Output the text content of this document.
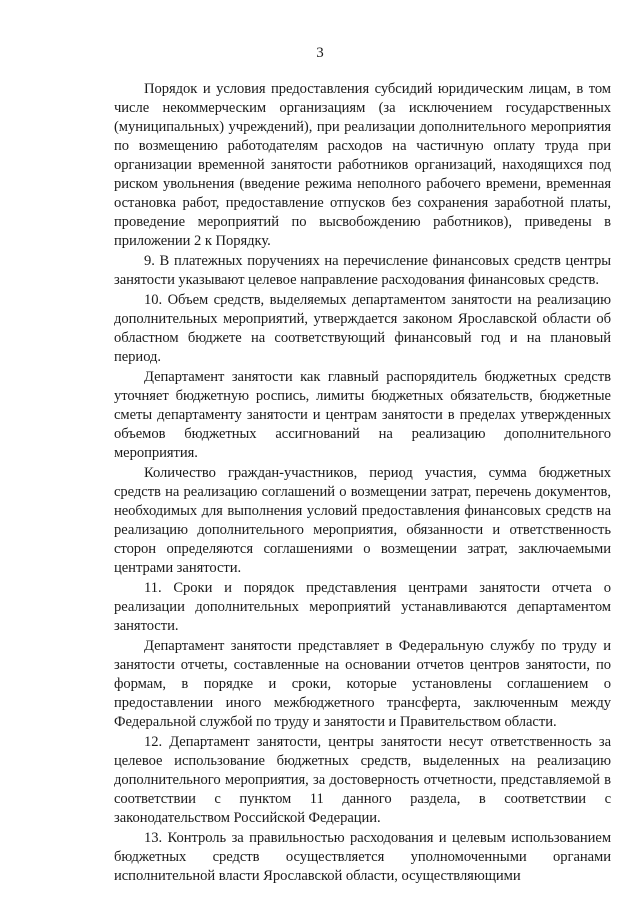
3

Порядок и условия предоставления субсидий юридическим лицам, в том числе некоммерческим организациям (за исключением государственных (муниципальных) учреждений), при реализации дополнительного мероприятия по возмещению работодателям расходов на частичную оплату труда при организации временной занятости работников организаций, находящихся под риском увольнения (введение режима неполного рабочего времени, временная остановка работ, предоставление отпусков без сохранения заработной платы, проведение мероприятий по высвобождению работников), приведены в приложении 2 к Порядку.

9. В платежных поручениях на перечисление финансовых средств центры занятости указывают целевое направление расходования финансовых средств.

10. Объем средств, выделяемых департаментом занятости на реализацию дополнительных мероприятий, утверждается законом Ярославской области об областном бюджете на соответствующий финансовый год и на плановый период.

Департамент занятости как главный распорядитель бюджетных средств уточняет бюджетную роспись, лимиты бюджетных обязательств, бюджетные сметы департаменту занятости и центрам занятости в пределах утвержденных объемов бюджетных ассигнований на реализацию дополнительного мероприятия.

Количество граждан-участников, период участия, сумма бюджетных средств на реализацию соглашений о возмещении затрат, перечень документов, необходимых для выполнения условий предоставления финансовых средств на реализацию дополнительного мероприятия, обязанности и ответственность сторон определяются соглашениями о возмещении затрат, заключаемыми центрами занятости.

11. Сроки и порядок представления центрами занятости отчета о реализации дополнительных мероприятий устанавливаются департаментом занятости.

Департамент занятости представляет в Федеральную службу по труду и занятости отчеты, составленные на основании отчетов центров занятости, по формам, в порядке и сроки, которые установлены соглашением о предоставлении иного межбюджетного трансферта, заключенным между Федеральной службой по труду и занятости и Правительством области.

12. Департамент занятости, центры занятости несут ответственность за целевое использование бюджетных средств, выделенных на реализацию дополнительного мероприятия, за достоверность отчетности, представляемой в соответствии с пунктом 11 данного раздела, в соответствии с законодательством Российской Федерации.

13. Контроль за правильностью расходования и целевым использованием бюджетных средств осуществляется уполномоченными органами исполнительной власти Ярославской области, осуществляющими
